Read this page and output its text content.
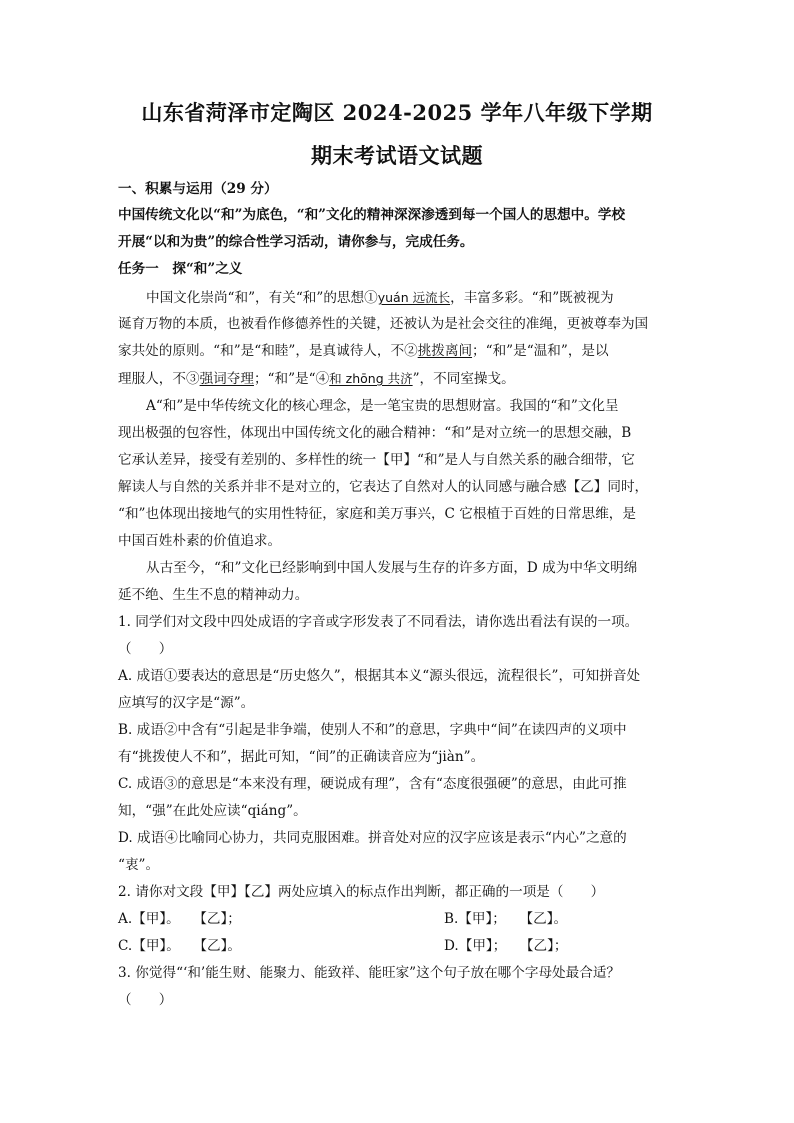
山东省菏泽市定陶区 2024-2025 学年八年级下学期
期末考试语文试题
一、积累与运用（29 分）
中国传统文化以“和”为底色，“和”文化的精神深深渗透到每一个国人的思想中。学校
开展“以和为贵”的综合性学习活动，请你参与，完成任务。
任务一　探“和”之义
中国文化崇尚“和”，有关“和”的思想①yuán 远流长，丰富多彩。“和”既被视为
诞育万物的本质，也被看作修德养性的关键，还被认为是社会交往的准绳，更被尊奉为国
家共处的原则。“和”是“和睦”，是真诚待人，不②挑拨离间；“和”是“温和”，是以
理服人，不③强词夺理；“和”是“④和 zhōng 共济”，不同室操戈。
A“和”是中华传统文化的核心理念，是一笔宝贵的思想财富。我国的“和”文化呈
现出极强的包容性，体现出中国传统文化的融合精神：“和”是对立统一的思想交融，B
它承认差异，接受有差别的、多样性的统一【甲】“和”是人与自然关系的融合细带，它
解读人与自然的关系并非不是对立的，它表达了自然对人的认同感与融合感【乙】同时，
“和”也体现出接地气的实用性特征，家庭和美万事兴，C 它根植于百姓的日常思维，是
中国百姓朴素的价值追求。
从古至今，“和”文化已经影响到中国人发展与生存的许多方面，D 成为中华文明绵
延不绝、生生不息的精神动力。
1. 同学们对文段中四处成语的字音或字形发表了不同看法，请你选出看法有误的一项。
（　　）
A. 成语①要表达的意思是“历史悠久”，根据其本义“源头很远，流程很长”，可知拼音处
应填写的汉字是“源”。
B. 成语②中含有“引起是非争端，使别人不和”的意思，字典中“间”在读四声的义项中
有“挑拨使人不和”，据此可知，“间”的正确读音应为“jiàn”。
C. 成语③的意思是“本来没有理，硬说成有理”，含有“态度很强硬”的意思，由此可推
知，“强”在此处应读“qiáng”。
D. 成语④比喻同心协力，共同克服困难。拼音处对应的汉字应该是表示“内心”之意的
“衷”。
2. 请你对文段【甲】【乙】两处应填入的标点作出判断，都正确的一项是（　　）
A.【甲】。　　【乙】；	B.【甲】；　　【乙】。
C.【甲】。　　【乙】。	D.【甲】；　　【乙】；
3. 你觉得“‘和’能生财、能聚力、能致祥、能旺家”这个句子放在哪个字母处最合适？
（　　）
